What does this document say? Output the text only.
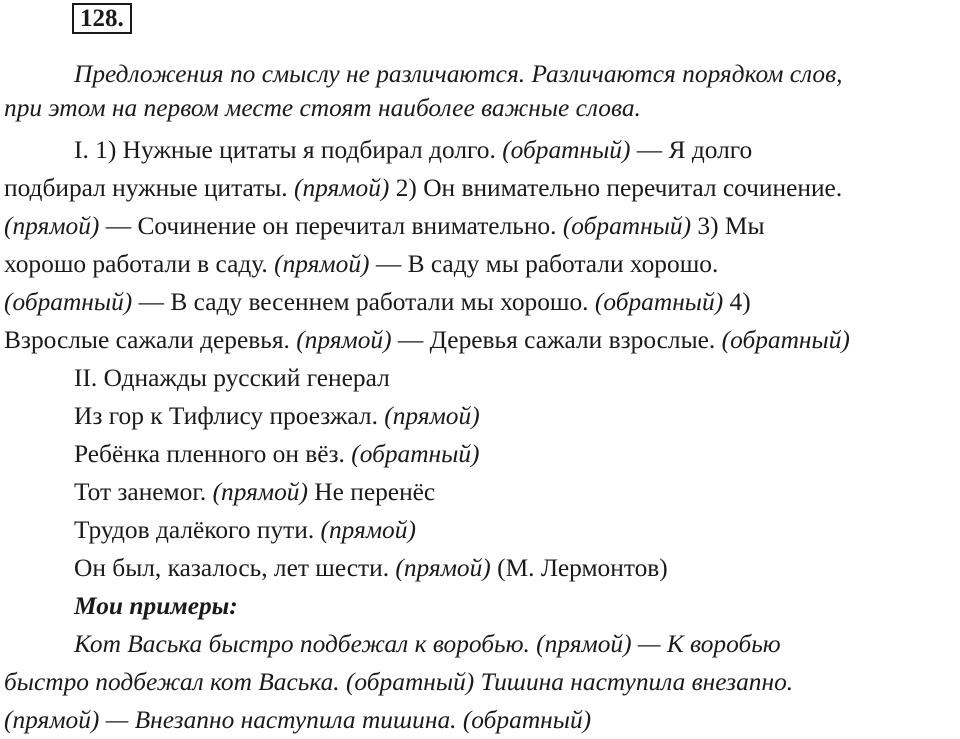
128.
Предложения по смыслу не различаются. Различаются порядком слов,
при этом на первом месте стоят наиболее важные слова.
I. 1) Нужные цитаты я подбирал долго. (обратный) — Я долго
подбирал нужные цитаты. (прямой) 2) Он внимательно перечитал сочинение.
(прямой) — Сочинение он перечитал внимательно. (обратный) 3) Мы
хорошо работали в саду. (прямой) — В саду мы работали хорошо.
(обратный) — В саду весеннем работали мы хорошо. (обратный) 4)
Взрослые сажали деревья. (прямой) — Деревья сажали взрослые. (обратный)
II. Однажды русский генерал
Из гор к Тифлису проезжал. (прямой)
Ребёнка пленного он вёз. (обратный)
Тот занемог. (прямой) Не перенёс
Трудов далёкого пути. (прямой)
Он был, казалось, лет шести. (прямой) (М. Лермонтов)
Мои примеры:
Кот Васька быстро подбежал к воробью. (прямой) — К воробью
быстро подбежал кот Васька. (обратный) Тишина наступила внезапно.
(прямой) — Внезапно наступила тишина. (обратный)
